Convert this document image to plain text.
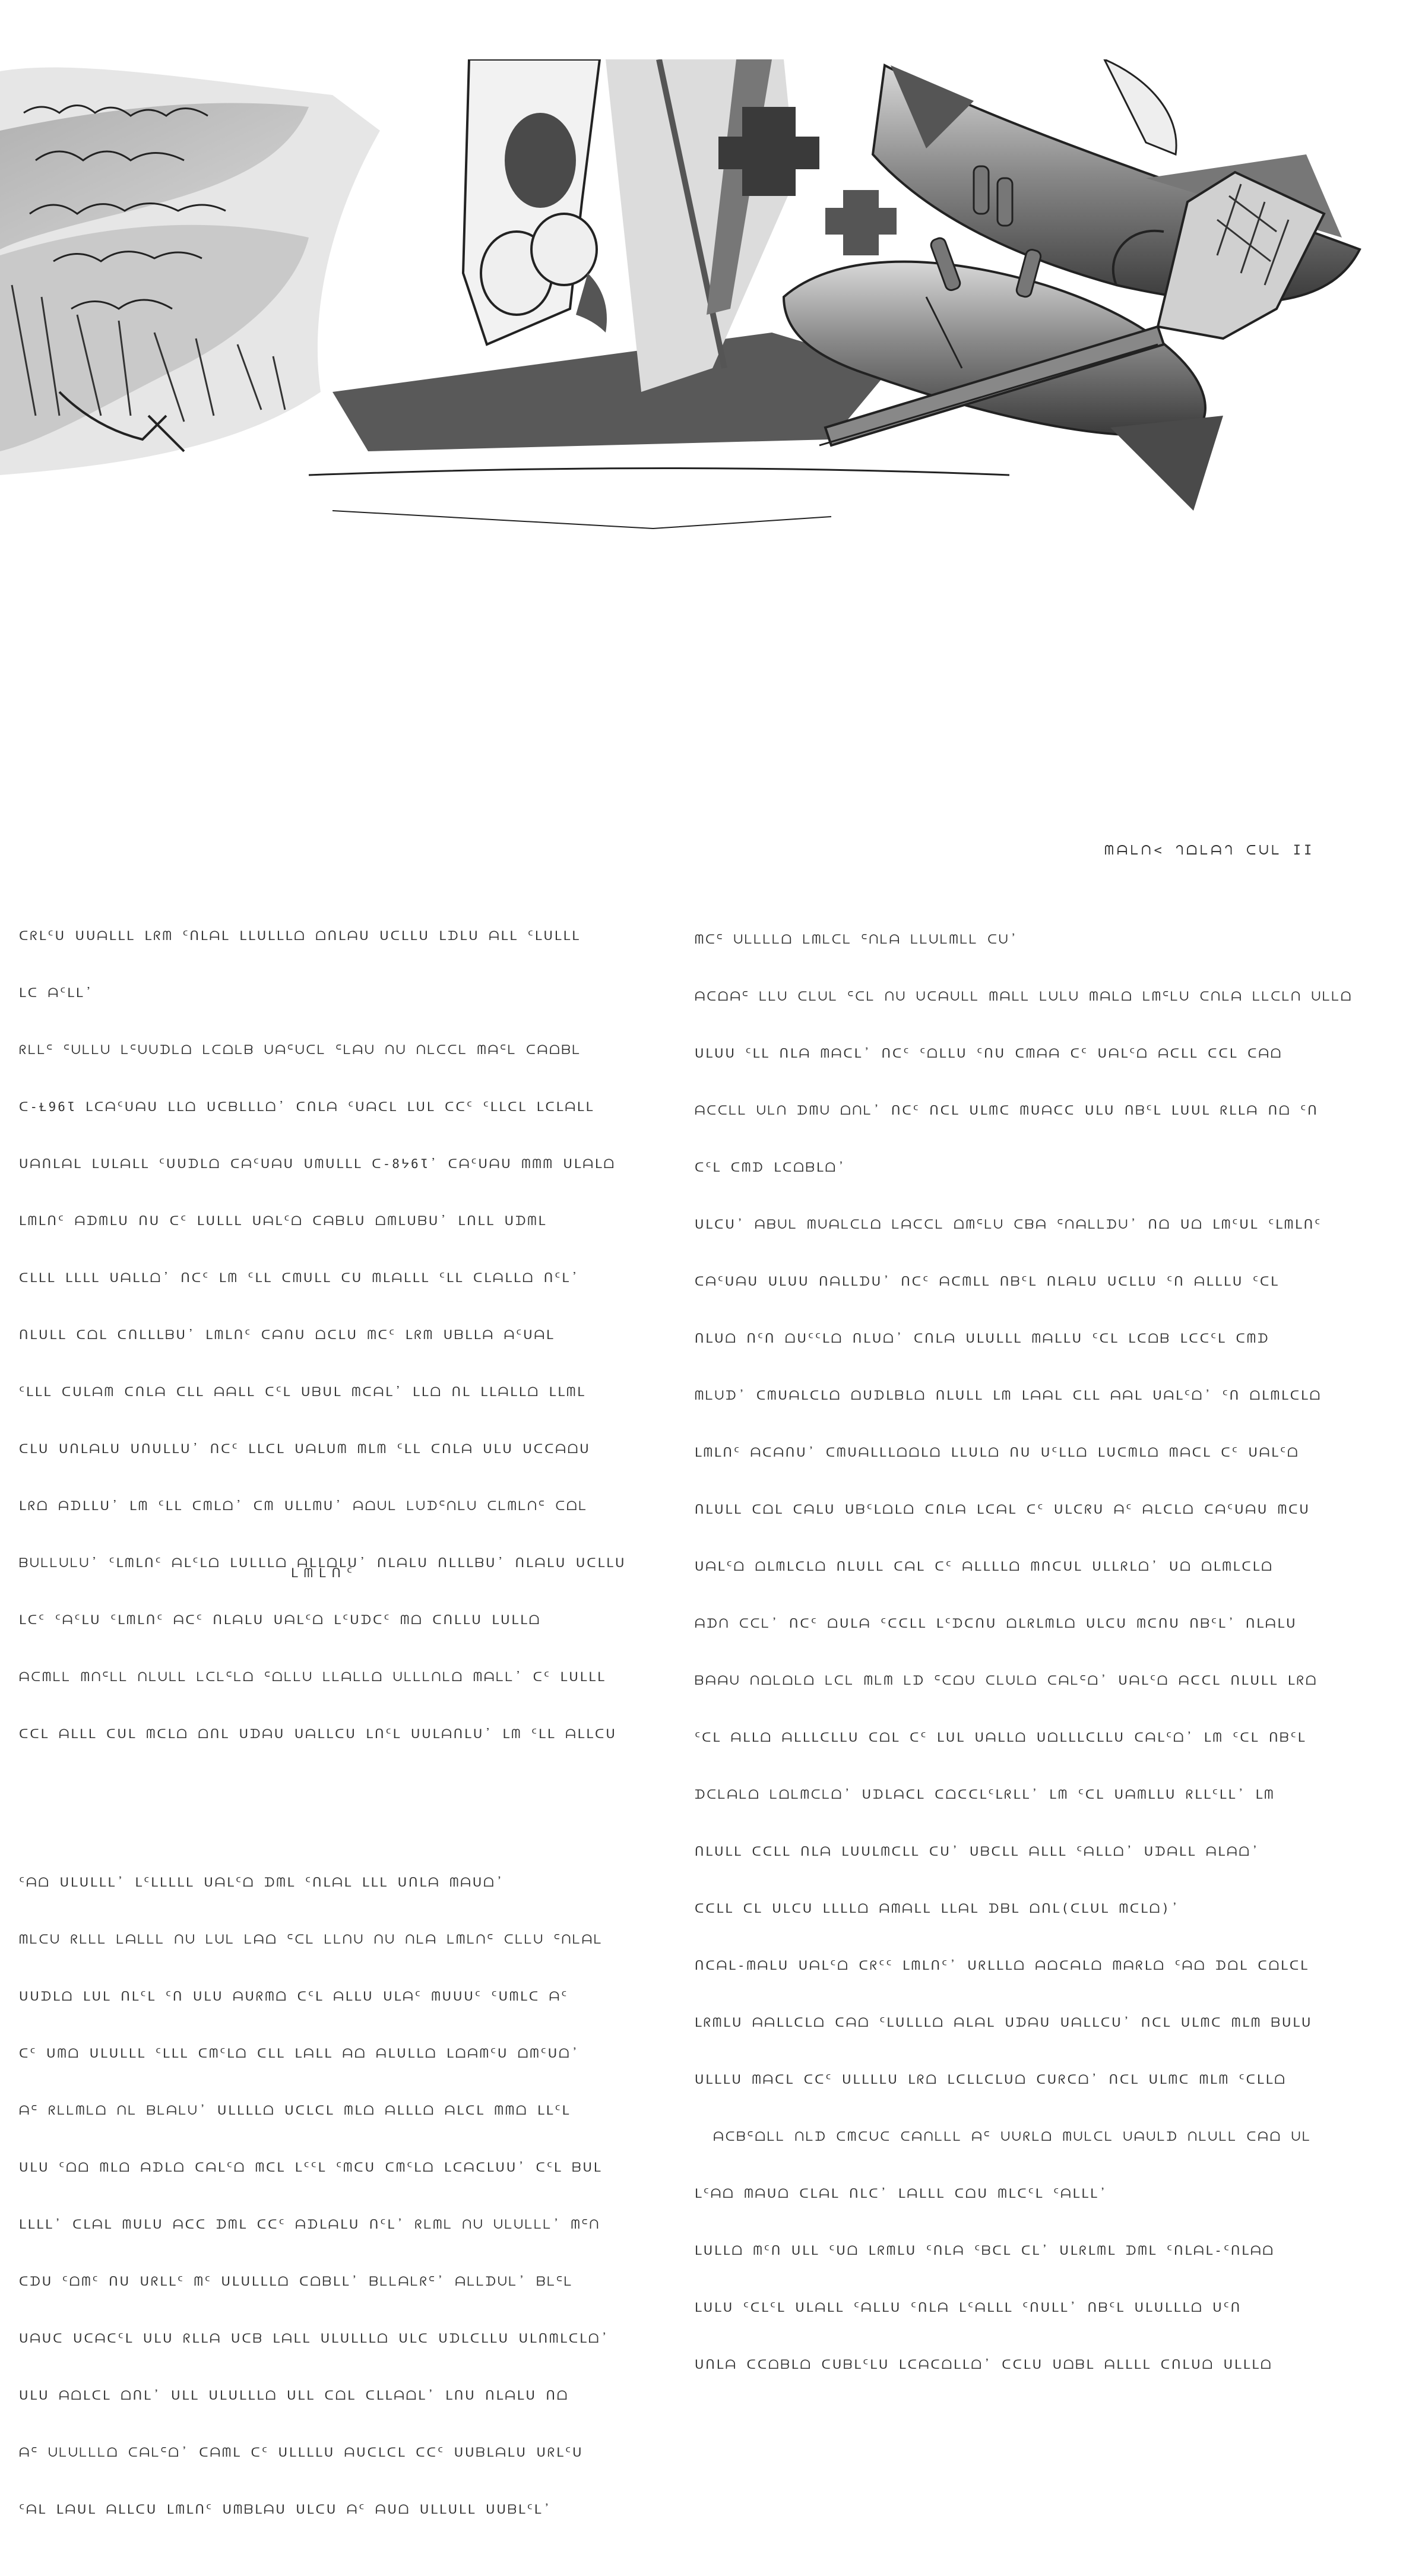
ᗰᗩᒪᑎ< ᒉᗝᒪᗩᒉ ᑕᑌᒪ II

ᑕᖇᒪᑦᑌ ᑌᑌᗩᒪᒪᒪ ᒪᖇᗰ ᑦᑎᒪᗩᒪ ᒪᒪᑌᒪᒪᒪᗝ ᗝᑎᒪᗩᑌ ᑌᑕᒪᒪᑌ ᒪᗪᒪᑌ ᗩᒪᒪ ᑦᒪᑌᒪᒪᒪ

ᒪᑕ ᗩᑦᒪᒪ᾿

ᖇᒪᒪᑦ ᑦᑌᒪᒪᑌ ᒪᑦᑌᑌᗪᒪᗝ ᒪᑕᗝᒪᗷ ᑌᗩᑦᑌᑕᒪ ᑦᒪᗩᑌ ᑎᑌ ᑎᒪᑕᑕᒪ ᗰᗩᑦᒪ ᑕᗩᗝᗷᒪ

ᑕ-Ɫ96Ɩ ᒪᑕᗩᑦᑌᗩᑌ ᒪᒪᗝ ᑌᑕᗷᒪᒪᒪᗝ᾿ ᑕᑎᒪᗩ ᑦᑌᗩᑕᒪ ᒪᑌᒪ ᑕᑕᑦ ᑦᒪᒪᑕᒪ ᒪᑕᒪᗩᒪᒪ

ᑌᗩᑎᒪᗩᒪ ᒪᑌᒪᗩᒪᒪ ᑦᑌᑌᗪᒪᗝ ᑕᗩᑦᑌᗩᑌ ᑌᗰᑌᒪᒪᒪ ᑕ-8ᔭ6Ɩ᾿ ᑕᗩᑦᑌᗩᑌ ᗰᗰᗰ ᑌᒪᗩᒪᗝ

ᒪᗰᒪᑎᑦ ᗩᗪᗰᒪᑌ ᑎᑌ ᑕᑦ ᒪᑌᒪᒪᒪ ᑌᗩᒪᑦᗝ ᑕᗩᗷᒪᑌ ᗝᗰᒪᑌᗷᑌ᾿ ᒪᑎᒪᒪ ᑌᗪᗰᒪ

ᑕᒪᒪᒪ ᒪᒪᒪᒪ ᑌᗩᒪᒪᗝ᾿ ᑎᑕᑦ ᒪᗰ ᑦᒪᒪ ᑕᗰᑌᒪᒪ ᑕᑌ ᗰᒪᗩᒪᒪᒪ ᑦᒪᒪ ᑕᒪᗩᒪᒪᗝ ᑎᑦᒪ᾿

ᑎᒪᑌᒪᒪ ᑕᗝᒪ ᑕᑎᒪᒪᒪᗷᑌ᾿ ᒪᗰᒪᑎᑦ ᑕᗩᑎᑌ ᗝᑕᒪᑌ ᗰᑕᑦ ᒪᖇᗰ ᑌᗷᒪᒪᗩ ᗩᑦᑌᗩᒪ

ᑦᒪᒪᒪ ᑕᑌᒪᗩᗰ ᑕᑎᒪᗩ ᑕᒪᒪ ᗩᗩᒪᒪ ᑕᑦᒪ ᑌᗷᑌᒪ ᗰᑕᗩᒪ᾿ ᒪᒪᗝ ᑎᒪ ᒪᒪᗩᒪᒪᗝ ᒪᒪᗰᒪ

ᑕᒪᑌ ᑌᑎᒪᗩᒪᑌ ᑌᑎᑌᒪᒪᑌ᾿ ᑎᑕᑦ ᒪᒪᑕᒪ ᑌᗩᒪᑌᗰ ᗰᒪᗰ ᑦᒪᒪ ᑕᑎᒪᗩ ᑌᒪᑌ ᑌᑕᑕᗩᗝᑌ

ᒪᖇᗝ ᗩᗪᒪᒪᑌ᾿ ᒪᗰ ᑦᒪᒪ ᑕᗰᒪᗝ᾿ ᑕᗰ ᑌᒪᒪᗰᑌ᾿ ᗩᗝᑌᒪ ᒪᑌᗪᑦᑎᒪᑌ ᑕᒪᗰᒪᑎᑦ ᑕᗝᒪ

ᗷᑌᒪᒪᑌᒪᑌ᾿ ᑦᒪᗰᒪᑎᑦ ᗩᒪᑦᒪᗝ ᒪᑌᒪᒪᒪᗝ ᗩᒪᒪᗝᒪᑌ᾿ ᑎᒪᗩᒪᑌ ᑎᒪᒪᒪᗷᑌ᾿ ᑎᒪᗩᒪᑌ ᑌᑕᒪᒪᑌ

ᒪᑕᑦ ᑦᗩᑦᒪᑌ ᑦᒪᗰᒪᑎᑦ ᗩᑕᑦ ᑎᒪᗩᒪᑌ ᑌᗩᒪᑦᗝ ᒪᑦᑌᗪᑕᑦ ᗰᗝ ᑕᑎᒪᒪᑌ ᒪᑌᒪᒪᗝ

ᗩᑕᗰᒪᒪ ᗰᑎᑦᒪᒪ ᑎᒪᑌᒪᒪ ᒪᑕᒪᑦᒪᗝ ᑦᗝᒪᒪᑌ ᒪᒪᗩᒪᒪᗝ ᑌᒪᒪᒪᑎᒪᗝ ᗰᗩᒪᒪ᾿ ᑕᑦ ᒪᑌᒪᒪᒪ

ᑕᑕᒪ ᗩᒪᒪᒪ ᑕᑌᒪ ᗰᑕᒪᗝ ᗝᑎᒪ ᑌᗪᗩᑌ ᑌᗩᒪᒪᑕᑌ ᒪᑎᑦᒪ ᑌᑌᒪᗩᑎᒪᑌ᾿ ᒪᗰ ᑦᒪᒪ ᗩᒪᒪᑕᑌ

ᑦᗩᗝ ᑌᒪᑌᒪᒪᒪ᾿ ᒪᑦᒪᒪᒪᒪᒪ ᑌᗩᒪᑦᗝ ᗪᗰᒪ ᑦᑎᒪᗩᒪ ᒪᒪᒪ ᑌᑎᒪᗩ ᗰᗩᑌᗝ᾿

ᗰᒪᑕᑌ ᖇᒪᒪᒪ ᒪᗩᒪᒪᒪ ᑎᑌ ᒪᑌᒪ ᒪᗩᗝ ᑦᑕᒪ ᒪᒪᑎᑌ ᑎᑌ ᑎᒪᗩ ᒪᗰᒪᑎᑦ ᑕᒪᒪᑌ ᑦᑎᒪᗩᒪ

ᑌᑌᗪᒪᗝ ᒪᑌᒪ ᑎᒪᑦᒪ ᑦᑎ ᑌᒪᑌ ᗩᑌᖇᗰᗝ ᑕᑦᒪ ᗩᒪᒪᑌ ᑌᒪᗩᑦ ᗰᑌᑌᑌᑦ ᑦᑌᗰᒪᑕ ᗩᑦ

ᑕᑦ ᑌᗰᗝ ᑌᒪᑌᒪᒪᒪ ᑦᒪᒪᒪ ᑕᗰᑦᒪᗝ ᑕᒪᒪ ᒪᗩᒪᒪ ᗩᗝ ᗩᒪᑌᒪᒪᗝ ᒪᗝᗩᗰᑦᑌ ᗝᗰᑦᑌᗝ᾿

ᗩᑦ ᖇᒪᒪᗰᒪᗝ ᑎᒪ ᗷᒪᗩᒪᑌ᾿ ᑌᒪᒪᒪᒪᗝ ᑌᑕᒪᑕᒪ ᗰᒪᗝ ᗩᒪᒪᒪᗝ ᗩᒪᑕᒪ ᗰᗰᗝ ᒪᒪᑦᒪ

ᑌᒪᑌ ᑦᗝᗝ ᗰᒪᗝ ᗩᗪᒪᗝ ᑕᗩᒪᑦᗝ ᗰᑕᒪ ᒪᑦᑦᒪ ᑦᗰᑕᑌ ᑕᗰᑦᒪᗝ ᒪᑕᗩᑕᒪᑌᑌ᾿ ᑕᑦᒪ ᗷᑌᒪ

ᒪᒪᒪᒪ᾿ ᑕᒪᗩᒪ ᗰᑌᒪᑌ ᗩᑕᑕ ᗪᗰᒪ ᑕᑕᑦ ᗩᗪᒪᗩᒪᑌ ᑎᑦᒪ᾿ ᖇᒪᗰᒪ ᑎᑌ ᑌᒪᑌᒪᒪᒪ᾿ ᗰᑦᑎ

ᑕᗪᑌ ᑦᗝᗰᑦ ᑎᑌ ᑌᖇᒪᒪᑦ ᗰᑦ ᑌᒪᑌᒪᒪᒪᗝ ᑕᗝᗷᒪᒪ᾿ ᗷᒪᒪᗩᒪᖇᑦ᾿ ᗩᒪᒪᗪᑌᒪ᾿ ᗷᒪᑦᒪ

ᑌᗩᑌᑕ ᑌᑕᗩᑕᑦᒪ ᑌᒪᑌ ᖇᒪᒪᗩ ᑌᑕᗷ ᒪᗩᒪᒪ ᑌᒪᑌᒪᒪᒪᗝ ᑌᒪᑕ ᑌᗪᒪᑕᒪᒪᑌ ᑌᒪᑎᗰᒪᑕᒪᗝ᾿

ᑌᒪᑌ ᗩᗝᒪᑕᒪ ᗝᑎᒪ᾿ ᑌᒪᒪ ᑌᒪᑌᒪᒪᒪᗝ ᑌᒪᒪ ᑕᗝᒪ ᑕᒪᒪᗩᗝᒪ᾿ ᒪᑎᑌ ᑎᒪᗩᒪᑌ ᑎᗝ

ᗩᑦ ᑌᒪᑌᒪᒪᒪᗝ ᑕᗩᒪᑦᗝ᾿ ᑕᗩᗰᒪ ᑕᑦ ᑌᒪᒪᒪᒪᑌ ᗩᑌᑕᒪᑕᒪ ᑕᑕᑦ ᑌᑌᗷᒪᗩᒪᑌ ᑌᖇᒪᑦᑌ

ᑦᗩᒪ ᒪᗩᑌᒪ ᗩᒪᒪᑕᑌ ᒪᗰᒪᑎᑦ ᑌᗰᗷᒪᗩᑌ ᑌᒪᑕᑌ ᗩᑦ ᗩᑌᗝ ᑌᒪᒪᑌᒪᒪ ᑌᑌᗷᒪᑦᒪ᾿

ᒪᗰᒪᑎᑦ

ᗰᑕᑦ ᑌᒪᒪᒪᒪᗝ ᒪᗰᒪᑕᒪ ᑦᑎᒪᗩ ᒪᒪᑌᒪᗰᒪᒪ ᑕᑌ᾿

ᗩᑕᗝᗩᑦ ᒪᒪᑌ ᑕᒪᑌᒪ ᑦᑕᒪ ᑎᑌ ᑌᑕᗩᑌᒪᒪ ᗰᗩᒪᒪ ᒪᑌᒪᑌ ᗰᗩᒪᗝ ᒪᗰᑦᒪᑌ ᑕᑎᒪᗩ ᒪᒪᑕᒪᑎ ᑌᒪᒪᗝ

ᑌᒪᑌᑌ ᑦᒪᒪ ᑎᒪᗩ ᗰᗩᑕᒪ᾿ ᑎᑕᑦ ᑦᗝᒪᒪᑌ ᑦᑎᑌ ᑕᗰᗩᗩ ᑕᑦ ᑌᗩᒪᑦᗝ ᗩᑕᒪᒪ ᑕᑕᒪ ᑕᗩᗝ

ᗩᑕᑕᒪᒪ ᑌᒪᑎ ᗪᗰᑌ ᗝᑎᒪ᾿ ᑎᑕᑦ ᑎᑕᒪ ᑌᒪᗰᑕ ᗰᑌᗩᑕᑕ ᑌᒪᑌ ᑎᗷᑦᒪ ᒪᑌᑌᒪ ᖇᒪᒪᗩ ᑎᗝ ᑦᑎ

ᑕᑦᒪ ᑕᗰᗪ ᒪᑕᗝᗷᒪᗝ᾿

ᑌᒪᑕᑌ᾿ ᗩᗷᑌᒪ ᗰᑌᗩᒪᑕᒪᗝ ᒪᗩᑕᑕᒪ ᗝᗰᑦᒪᑌ ᑕᗷᗩ ᑦᑎᗩᒪᒪᗪᑌ᾿ ᑎᗝ ᑌᗝ ᒪᗰᑦᑌᒪ ᑦᒪᗰᒪᑎᑦ

ᑕᗩᑦᑌᗩᑌ ᑌᒪᑌᑌ ᑎᗩᒪᒪᗪᑌ᾿ ᑎᑕᑦ ᗩᑕᗰᒪᒪ ᑎᗷᑦᒪ ᑎᒪᗩᒪᑌ ᑌᑕᒪᒪᑌ ᑦᑎ ᗩᒪᒪᒪᑌ ᑦᑕᒪ

ᑎᒪᑌᗝ ᑎᑦᑎ ᗝᑌᑦᑦᒪᗝ ᑎᒪᑌᗝ᾿ ᑕᑎᒪᗩ ᑌᒪᑌᒪᒪᒪ ᗰᗩᒪᒪᑌ ᑦᑕᒪ ᒪᑕᗝᗷ ᒪᑕᑕᑦᒪ ᑕᗰᗪ

ᗰᒪᑌᗪ᾿ ᑕᗰᑌᗩᒪᑕᒪᗝ ᗝᑌᗪᒪᗷᒪᗝ ᑎᒪᑌᒪᒪ ᒪᗰ ᒪᗩᗩᒪ ᑕᒪᒪ ᗩᗩᒪ ᑌᗩᒪᑦᗝ᾿ ᑦᑎ ᗝᒪᗰᒪᑕᒪᗝ

ᒪᗰᒪᑎᑦ ᗩᑕᗩᑎᑌ᾿ ᑕᗰᑌᗩᒪᒪᒪᗝᗝᒪᗝ ᒪᒪᑌᒪᗝ ᑎᑌ ᑌᑦᒪᒪᗝ ᒪᑌᑕᗰᒪᗝ ᗰᗩᑕᒪ ᑕᑦ ᑌᗩᒪᑦᗝ

ᑎᒪᑌᒪᒪ ᑕᗝᒪ ᑕᗩᒪᑌ ᑌᗷᑦᒪᗝᒪᗝ ᑕᑎᒪᗩ ᒪᑕᗩᒪ ᑕᑦ ᑌᒪᑕᖇᑌ ᗩᑦ ᗩᒪᑕᒪᗝ ᑕᗩᑦᑌᗩᑌ ᗰᑕᑌ

ᑌᗩᒪᑦᗝ ᗝᒪᗰᒪᑕᒪᗝ ᑎᒪᑌᒪᒪ ᑕᗩᒪ ᑕᑦ ᗩᒪᒪᒪᒪᗝ ᗰᑎᑕᑌᒪ ᑌᒪᒪᖇᒪᗝ᾿ ᑌᗝ ᗝᒪᗰᒪᑕᒪᗝ

ᗩᗪᑎ ᑕᑕᒪ᾿ ᑎᑕᑦ ᗝᑌᒪᗩ ᑦᑕᑕᒪᒪ ᒪᑦᗪᑕᑎᑌ ᗝᒪᖇᒪᗰᒪᗝ ᑌᒪᑕᑌ ᗰᑕᑎᑌ ᑎᗷᑦᒪ᾿ ᑎᒪᗩᒪᑌ

ᗷᗩᗩᑌ ᑎᗝᒪᗝᒪᗝ ᒪᑕᒪ ᗰᒪᗰ ᒪᗪ ᑦᑕᗝᑌ ᑕᒪᑌᒪᗝ ᑕᗩᒪᑦᗝ᾿ ᑌᗩᒪᑦᗝ ᗩᑕᑕᒪ ᑎᒪᑌᒪᒪ ᒪᖇᗝ

ᑦᑕᒪ ᗩᒪᒪᗝ ᗩᒪᒪᒪᑕᒪᒪᑌ ᑕᗝᒪ ᑕᑦ ᒪᑌᒪ ᑌᗩᒪᒪᗝ ᑌᗝᒪᒪᒪᑕᒪᒪᑌ ᑕᗩᒪᑦᗝ᾿ ᒪᗰ ᑦᑕᒪ ᑎᗷᑦᒪ

ᗪᑕᒪᗩᒪᗝ ᒪᗝᒪᗰᑕᒪᗝ᾿ ᑌᗪᒪᗩᑕᒪ ᑕᗝᑕᑕᒪᑦᒪᖇᒪᒪ᾿ ᒪᗰ ᑦᑕᒪ ᑌᗩᗰᒪᒪᑌ ᖇᒪᒪᑦᒪᒪ᾿ ᒪᗰ

ᑎᒪᑌᒪᒪ ᑕᑕᒪᒪ ᑎᒪᗩ ᒪᑌᑌᒪᗰᑕᒪᒪ ᑕᑌ᾿ ᑌᗷᑕᒪᒪ ᗩᒪᒪᒪ ᑦᗩᒪᒪᗝ᾿ ᑌᗪᗩᒪᒪ ᗩᒪᗩᗝ᾿

ᑕᑕᒪᒪ ᑕᒪ ᑌᒪᑕᑌ ᒪᒪᒪᒪᗝ ᗩᗰᗩᒪᒪ ᒪᒪᗩᒪ ᗪᗷᒪ ᗝᑎᒪ(ᑕᒪᑌᒪ ᗰᑕᒪᗝ)᾿

ᑎᑕᗩᒪ-ᗰᗩᒪᑌ ᑌᗩᒪᑦᗝ ᑕᖇᑦᑦ ᒪᗰᒪᑎᑦ᾿ ᑌᖇᒪᒪᒪᗝ ᗩᗝᑕᗩᒪᗝ ᗰᗩᖇᒪᗝ ᑦᗩᗝ ᗪᗝᒪ ᑕᗝᒪᑕᒪ

ᒪᖇᗰᒪᑌ ᗩᗩᒪᒪᑕᒪᗝ ᑕᗩᗝ ᑦᒪᑌᒪᒪᒪᗝ ᗩᒪᗩᒪ ᑌᗪᗩᑌ ᑌᗩᒪᒪᑕᑌ᾿ ᑎᑕᒪ ᑌᒪᗰᑕ ᗰᒪᗰ ᗷᑌᒪᑌ

ᑌᒪᒪᒪᑌ ᗰᗩᑕᒪ ᑕᑕᑦ ᑌᒪᒪᒪᒪᑌ ᒪᖇᗝ ᒪᑕᒪᒪᑕᒪᑌᗝ ᑕᑌᖇᑕᗝ᾿ ᑎᑕᒪ ᑌᒪᗰᑕ ᗰᒪᗰ ᑦᑕᒪᒪᗝ

ᗩᑕᗷᑦᗝᒪᒪ ᑎᒪᗪ ᑕᗰᑕᑌᑕ ᑕᗩᑎᒪᒪᒪ ᗩᑦ ᑌᑌᖇᒪᗝ ᗰᑌᒪᑕᒪ ᑌᗩᑌᒪᗪ ᑎᒪᑌᒪᒪ ᑕᗩᗝ ᑌᒪ

ᒪᑦᗩᗝ ᗰᗩᑌᗝ ᑕᒪᗩᒪ ᑎᒪᑕ᾿ ᒪᗩᒪᒪᒪ ᑕᗝᑌ ᗰᒪᑕᑦᒪ ᑦᗩᒪᒪᒪ᾿

ᒪᑌᒪᒪᗝ ᗰᑦᑎ ᑌᒪᒪ ᑦᑌᗝ ᒪᖇᗰᒪᑌ ᑦᑎᒪᗩ ᑦᗷᑕᒪ ᑕᒪ᾿ ᑌᒪᖇᒪᗰᒪ ᗪᗰᒪ ᑦᑎᒪᗩᒪ-ᑦᑎᒪᗩᗝ

ᒪᑌᒪᑌ ᑦᑕᒪᑦᒪ ᑌᒪᗩᒪᒪ ᑦᗩᒪᒪᑌ ᑦᑎᒪᗩ ᒪᑦᗩᒪᒪᒪ ᑦᑎᑌᒪᒪ᾿ ᑎᗷᑦᒪ ᑌᒪᑌᒪᒪᒪᗝ ᑌᑦᑎ

ᑌᑎᒪᗩ ᑕᑕᗝᗷᒪᗝ ᑕᑌᗷᒪᑦᒪᑌ ᒪᑕᗩᑕᗝᒪᒪᗝ᾿ ᑕᑕᒪᑌ ᑌᗝᗷᒪ ᗩᒪᒪᒪᒪ ᑕᑎᒪᑌᗝ ᑌᒪᒪᒪᗝ
